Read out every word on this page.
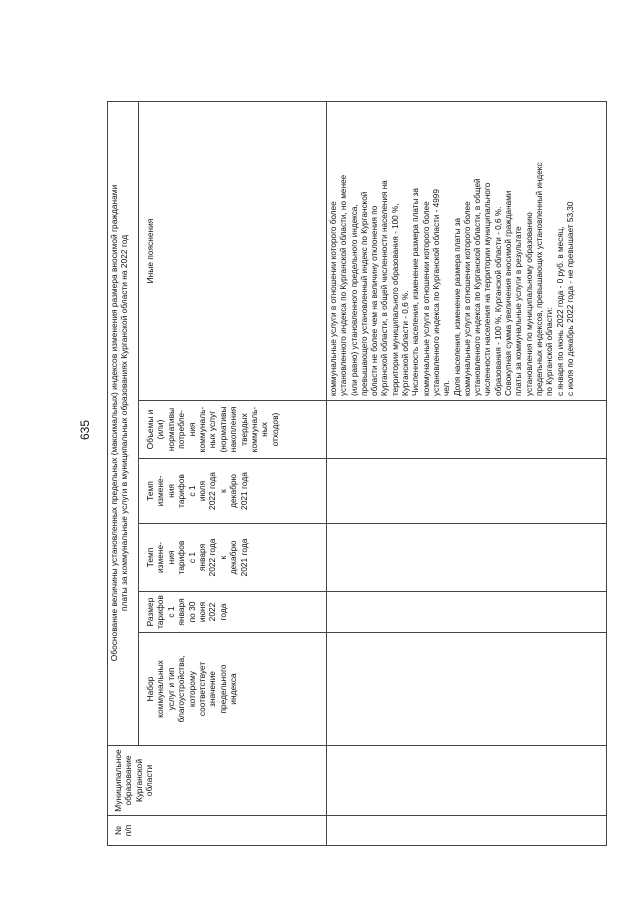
635
№
п/п
Обоснование величины установленных предельных (максимальных) индексов изменения размера вносимой гражданами
платы за коммунальные услуги в муниципальных образованиях Курганской области на 2022 год
Муниципальное
образование
Курганской области
Набор
коммунальных
услуг и тип
благоустройства,
которому
соответствует
значение
предельного
индекса
Размер
тарифов
с 1
января
по 30
июня
2022
года
Темп
измене-
ния
тарифов
с 1
января
2022 года
к
декабрю
2021 года
Темп
измене-
ния
тарифов
с 1
июля
2022 года
к
декабрю
2021 года
Объемы и
(или)
нормативы
потребле-
ния
коммуналь-
ных услуг
(нормативы
накопления
твердых
коммуналь-
ных
отходов)
Иные пояснения
коммунальные услуги в отношении которого более
установленного индекса по Курганской области, но менее
(или равно) установленного предельного индекса,
превышающего установленный индекс по Курганской
области не более чем на величину отклонения по
Курганской области, в общей численности населения на
территории муниципального образования - 100 %,
Курганской области - 0,6 %.
Численность населения, изменение размера платы за
коммунальные услуги в отношении которого более
установленного индекса по Курганской области - 4999
чел.
Доля населения, изменение размера платы за
коммунальные услуги в отношении которого более
установленного индекса по Курганской области, в общей
численности населения на территории муниципального
образования - 100 %, Курганской области - 0,6 %.
Совокупная сумма увеличения вносимой гражданами
платы за коммунальные услуги в результате
установления по муниципальному образованию
предельных индексов, превышающих установленный индекс
по Курганской области:
с января по июнь 2022 года - 0 руб. в месяц,
с июля по декабрь 2022 года - не превышает 53,30
